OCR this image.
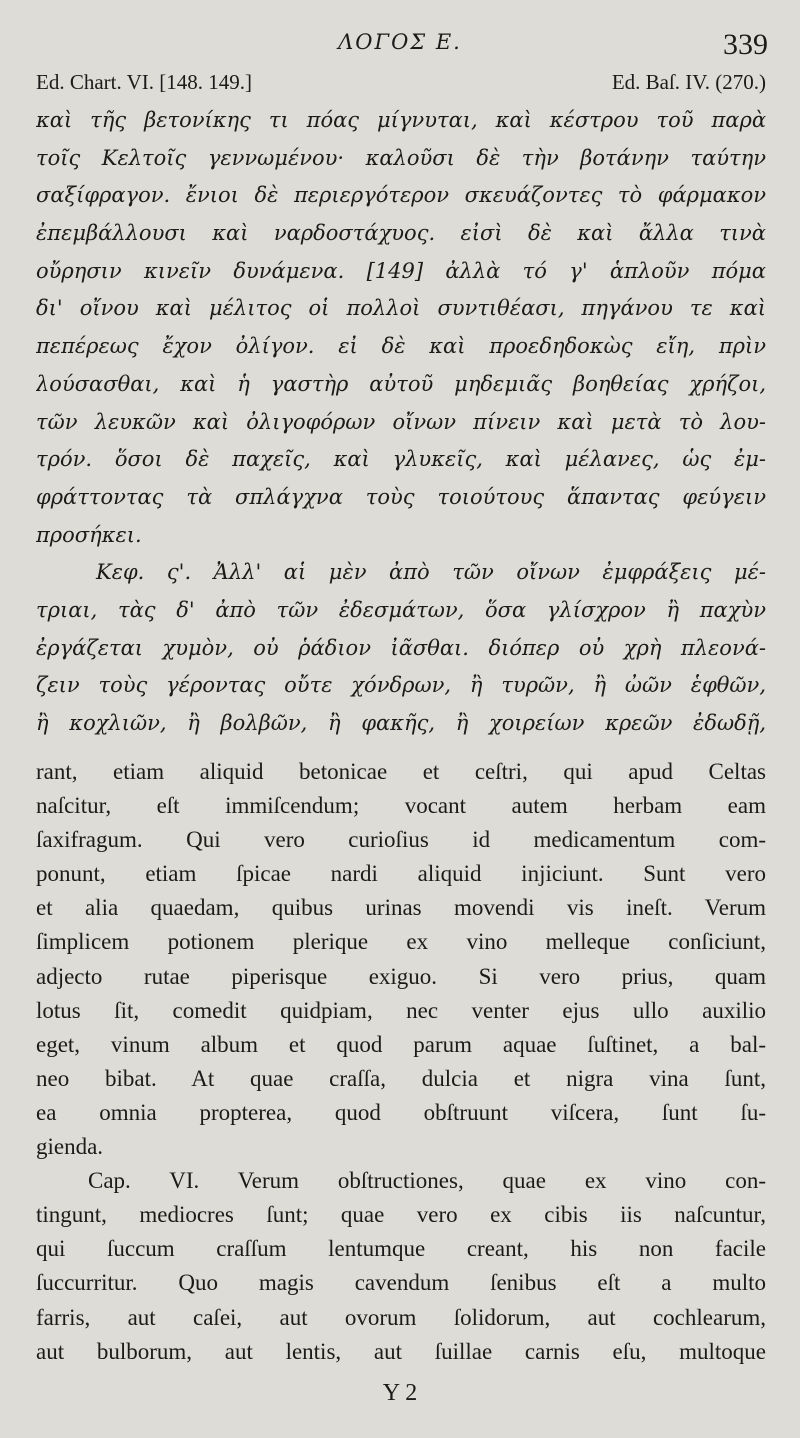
ΛΟΓΟΣ Ε.	339
Ed. Chart. VI. [148. 149.]	Ed. Baſ. IV. (270.)
καὶ τῆς βετονίκης τι πόας μίγνυται, καὶ κέστρου τοῦ παρὰ
τοῖς Κελτοῖς γεννωμένου· καλοῦσι δὲ τὴν βοτάνην ταύτην
σαξίφραγον. ἔνιοι δὲ περιεργότερον σκευάζοντες τὸ φάρμακον
ἐπεμβάλλουσι καὶ ναρδοστάχυος. εἰσὶ δὲ καὶ ἄλλα τινὰ
οὔρησιν κινεῖν δυνάμενα. [149] ἀλλὰ τό γ' ἁπλοῦν πόμα
δι' οἴνου καὶ μέλιτος οἱ πολλοὶ συντιθέασι, πηγάνου τε καὶ
πεπέρεως ἔχον ὀλίγον. εἰ δὲ καὶ προεδηδοκὼς εἴη, πρὶν
λούσασθαι, καὶ ἡ γαστὴρ αὐτοῦ μηδεμιᾶς βοηθείας χρήζοι,
τῶν λευκῶν καὶ ὀλιγοφόρων οἴνων πίνειν καὶ μετὰ τὸ λου-
τρόν. ὅσοι δὲ παχεῖς, καὶ γλυκεῖς, καὶ μέλανες, ὡς ἐμ-
φράττοντας τὰ σπλάγχνα τοὺς τοιούτους ἅπαντας φεύγειν
προσήκει.
Κεφ. ς'. Ἀλλ' αἱ μὲν ἀπὸ τῶν οἴνων ἐμφράξεις μέ-
τριαι, τὰς δ' ἀπὸ τῶν ἐδεσμάτων, ὅσα γλίσχρον ἢ παχὺν
ἐργάζεται χυμὸν, οὐ ῥάδιον ἰᾶσθαι. διόπερ οὐ χρὴ πλεονά-
ζειν τοὺς γέροντας οὔτε χόνδρων, ἢ τυρῶν, ἢ ὠῶν ἑφθῶν,
ἢ κοχλιῶν, ἢ βολβῶν, ἢ φακῆς, ἢ χοιρείων κρεῶν ἐδωδῇ,
rant, etiam aliquid betonicae et ceſtri, qui apud Celtas
naſcitur, eſt immiſcendum; vocant autem herbam eam
ſaxifragum. Qui vero curioſius id medicamentum com-
ponunt, etiam ſpicae nardi aliquid injiciunt. Sunt vero
et alia quaedam, quibus urinas movendi vis ineſt. Verum
ſimplicem potionem plerique ex vino melleque conſiciunt,
adjecto rutae piperisque exiguo. Si vero prius, quam
lotus ſit, comedit quidpiam, nec venter ejus ullo auxilio
eget, vinum album et quod parum aquae ſuſtinet, a bal-
neo bibat. At quae craſſa, dulcia et nigra vina ſunt,
ea omnia propterea, quod obſtruunt viſcera, ſunt ſu-
gienda.
Cap. VI. Verum obſtructiones, quae ex vino con-
tingunt, mediocres ſunt; quae vero ex cibis iis naſcuntur,
qui ſuccum craſſum lentumque creant, his non facile
ſuccurritur. Quo magis cavendum ſenibus eſt a multo
farris, aut caſei, aut ovorum ſolidorum, aut cochlearum,
aut bulborum, aut lentis, aut ſuillae carnis eſu, multoque
Y 2
